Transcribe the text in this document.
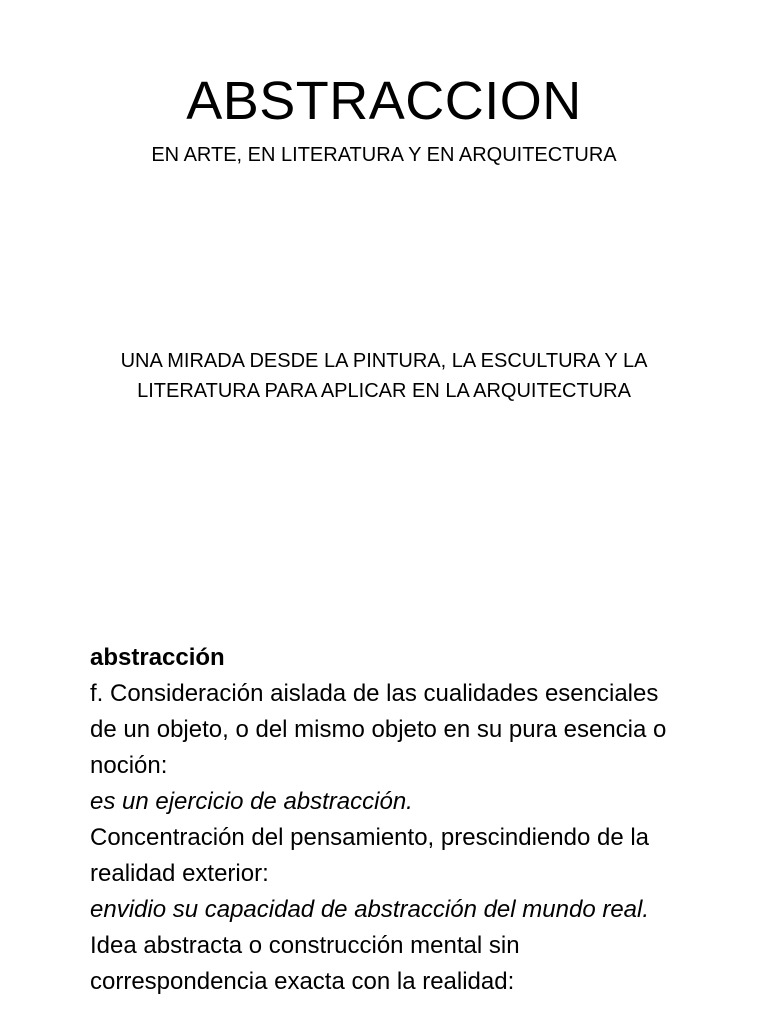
ABSTRACCION
EN ARTE, EN LITERATURA Y EN ARQUITECTURA
UNA MIRADA DESDE LA PINTURA, LA ESCULTURA Y LA LITERATURA PARA APLICAR EN LA ARQUITECTURA

abstracción

f. Consideración aislada de las cualidades esenciales de un objeto, o del mismo objeto en su pura esencia o noción:

es un ejercicio de abstracción.

Concentración del pensamiento, prescindiendo de la realidad exterior:

envidio su capacidad de abstracción del mundo real.

Idea abstracta o construcción mental sin correspondencia exacta con la realidad:
